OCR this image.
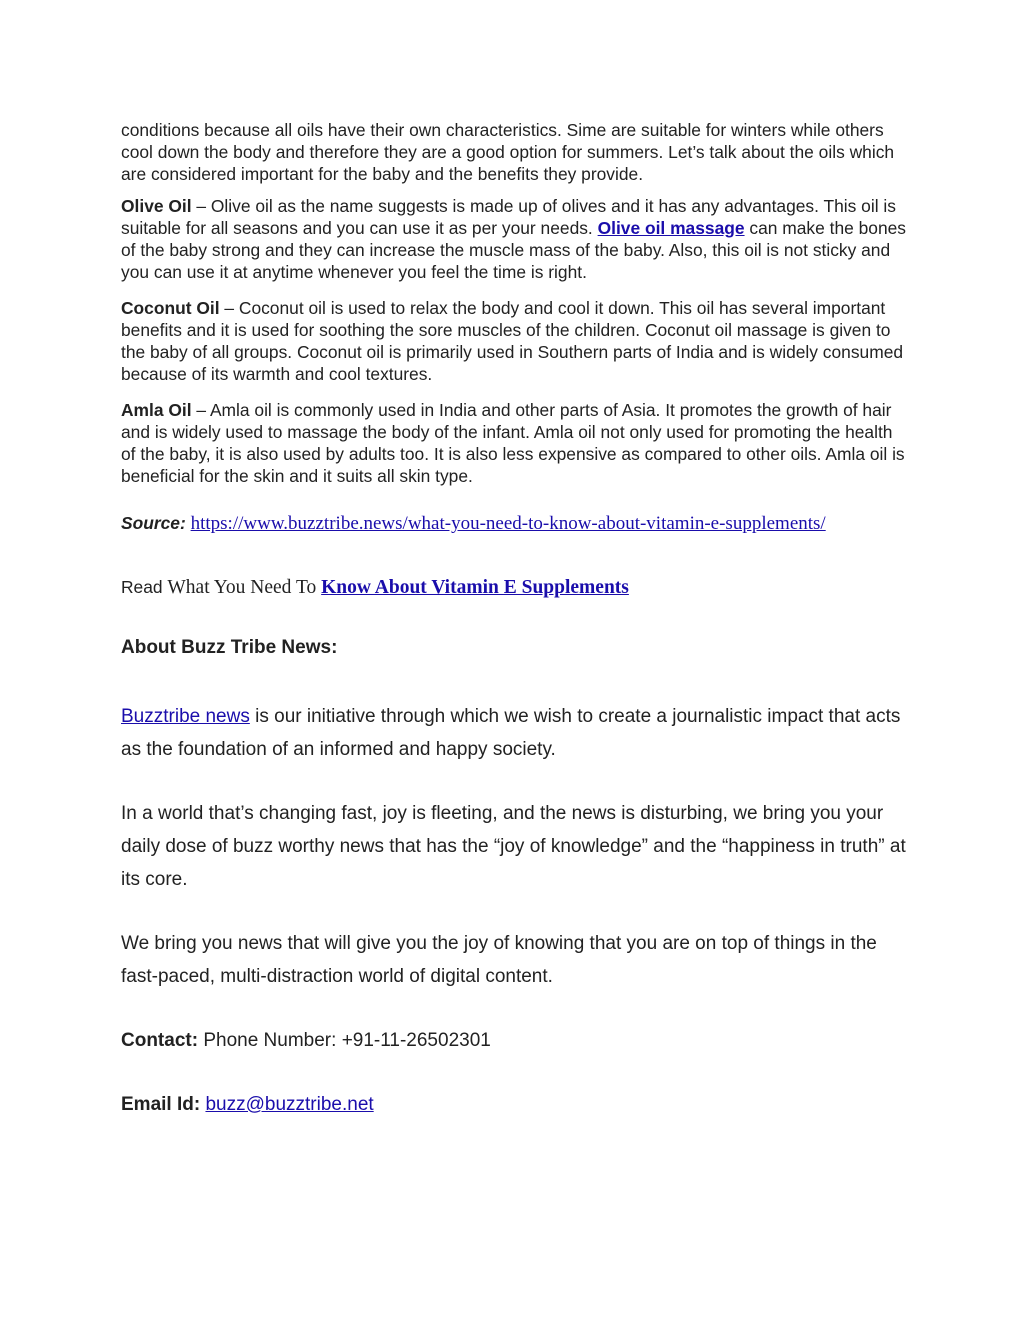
conditions because all oils have their own characteristics. Sime are suitable for winters while others cool down the body and therefore they are a good option for summers. Let’s talk about the oils which are considered important for the baby and the benefits they provide.

Olive Oil – Olive oil as the name suggests is made up of olives and it has any advantages. This oil is suitable for all seasons and you can use it as per your needs. Olive oil massage can make the bones of the baby strong and they can increase the muscle mass of the baby. Also, this oil is not sticky and you can use it at anytime whenever you feel the time is right.

Coconut Oil – Coconut oil is used to relax the body and cool it down. This oil has several important benefits and it is used for soothing the sore muscles of the children. Coconut oil massage is given to the baby of all groups. Coconut oil is primarily used in Southern parts of India and is widely consumed because of its warmth and cool textures.

Amla Oil – Amla oil is commonly used in India and other parts of Asia. It promotes the growth of hair and is widely used to massage the body of the infant. Amla oil not only used for promoting the health of the baby, it is also used by adults too. It is also less expensive as compared to other oils. Amla oil is beneficial for the skin and it suits all skin type.

Source: https://www.buzztribe.news/what-you-need-to-know-about-vitamin-e-supplements/
Read What You Need To Know About Vitamin E Supplements
About Buzz Tribe News:

Buzztribe news is our initiative through which we wish to create a journalistic impact that acts as the foundation of an informed and happy society.

In a world that’s changing fast, joy is fleeting, and the news is disturbing, we bring you your daily dose of buzz worthy news that has the “joy of knowledge” and the “happiness in truth” at its core.

We bring you news that will give you the joy of knowing that you are on top of things in the fast-paced, multi-distraction world of digital content.

Contact: Phone Number: +91-11-26502301
Email Id: buzz@buzztribe.net
